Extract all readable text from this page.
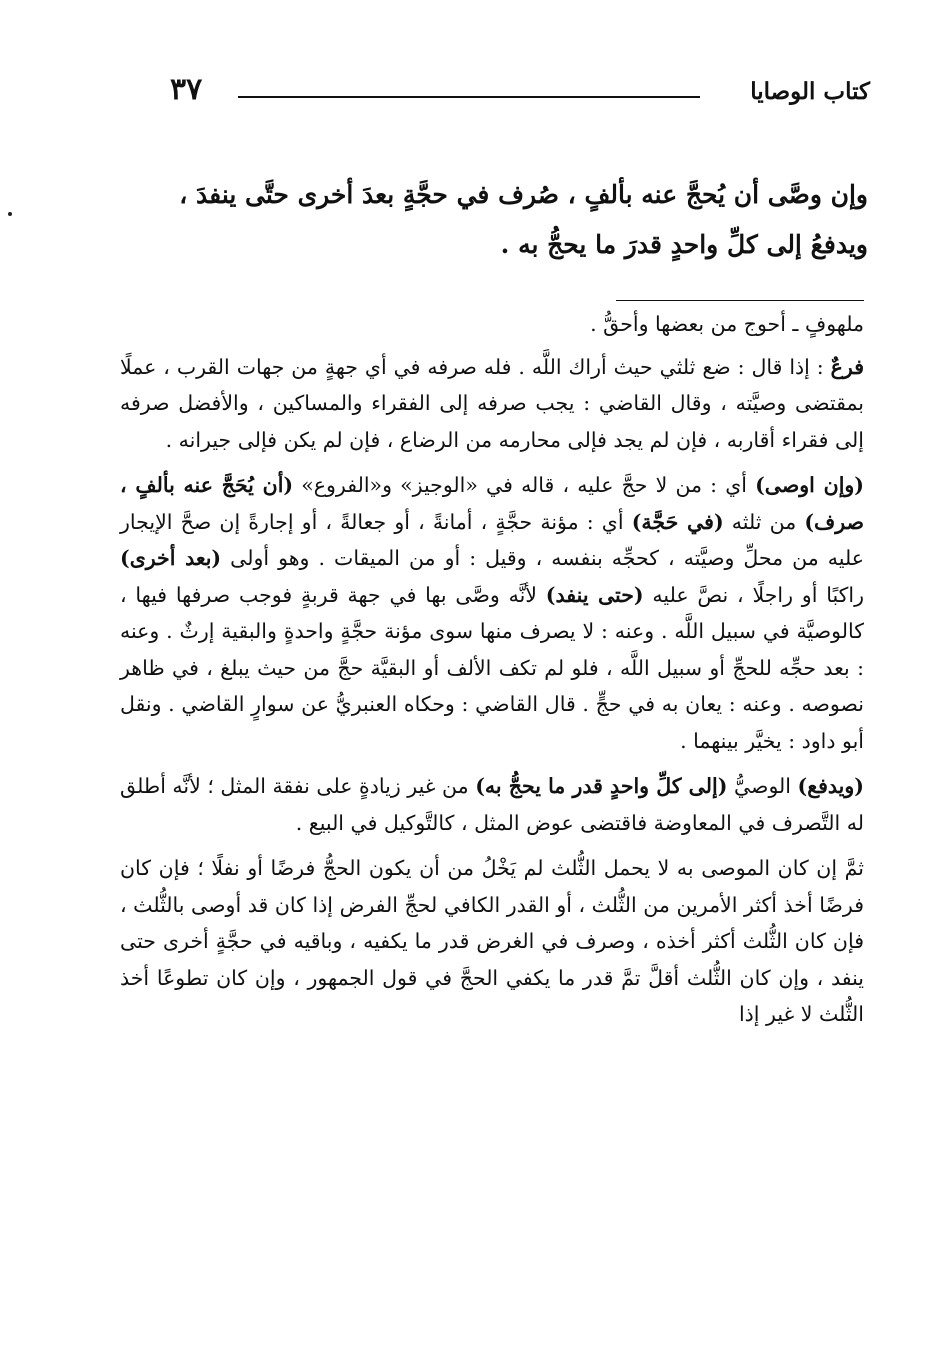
كتاب الوصايا
٣٧

وإن وصَّى أن يُحجَّ عنه بألفٍ ، صُرف في حجَّةٍ بعدَ أخرى حتَّى ينفدَ ،

ويدفعُ إلى كلِّ واحدٍ قدرَ ما يحجُّ به .

ملهوفٍ ـ أحوج من بعضها وأحقُّ .

فرعٌ : إذا قال : ضع ثلثي حيث أراك اللَّه . فله صرفه في أي جهةٍ من جهات القرب ، عملًا بمقتضى وصيَّته ، وقال القاضي : يجب صرفه إلى الفقراء والمساكين ، والأفضل صرفه إلى فقراء أقاربه ، فإن لم يجد فإلى محارمه من الرضاع ، فإن لم يكن فإلى جيرانه .

(وإن اوصى) أي : من لا حجَّ عليه ، قاله في «الوجيز» و«الفروع» (أن يُحَجَّ عنه بألفٍ ، صرف) من ثلثه (في حَجَّة) أي : مؤنة حجَّةٍ ، أمانةً ، أو جعالةً ، أو إجارةً إن صحَّ الإيجار عليه من محلِّ وصيَّته ، كحجِّه بنفسه ، وقيل : أو من الميقات . وهو أولى (بعد أخرى) راكبًا أو راجلًا ، نصَّ عليه (حتى ينفد) لأنَّه وصَّى بها في جهة قربةٍ فوجب صرفها فيها ، كالوصيَّة في سبيل اللَّه . وعنه : لا يصرف منها سوى مؤنة حجَّةٍ واحدةٍ والبقية إرثٌ . وعنه : بعد حجِّه للحجِّ أو سبيل اللَّه ، فلو لم تكف الألف أو البقيَّة حجَّ من حيث يبلغ ، في ظاهر نصوصه . وعنه : يعان به في حجٍّ . قال القاضي : وحكاه العنبريُّ عن سوارٍ القاضي . ونقل أبو داود : يخيَّر بينهما .

(ويدفع) الوصيُّ (إلى كلِّ واحدٍ قدر ما يحجُّ به) من غير زيادةٍ على نفقة المثل ؛ لأنَّه أطلق له التَّصرف في المعاوضة فاقتضى عوض المثل ، كالتَّوكيل في البيع .

ثمَّ إن كان الموصى به لا يحمل الثُّلث لم يَخْلُ من أن يكون الحجُّ فرضًا أو نفلًا ؛ فإن كان فرضًا أخذ أكثر الأمرين من الثُّلث ، أو القدر الكافي لحجِّ الفرض إذا كان قد أوصى بالثُّلث ، فإن كان الثُّلث أكثر أخذه ، وصرف في الغرض قدر ما يكفيه ، وباقيه في حجَّةٍ أخرى حتى ينفد ، وإن كان الثُّلث أقلَّ تمَّ قدر ما يكفي الحجَّ في قول الجمهور ، وإن كان تطوعًا أخذ الثُّلث لا غير إذا
